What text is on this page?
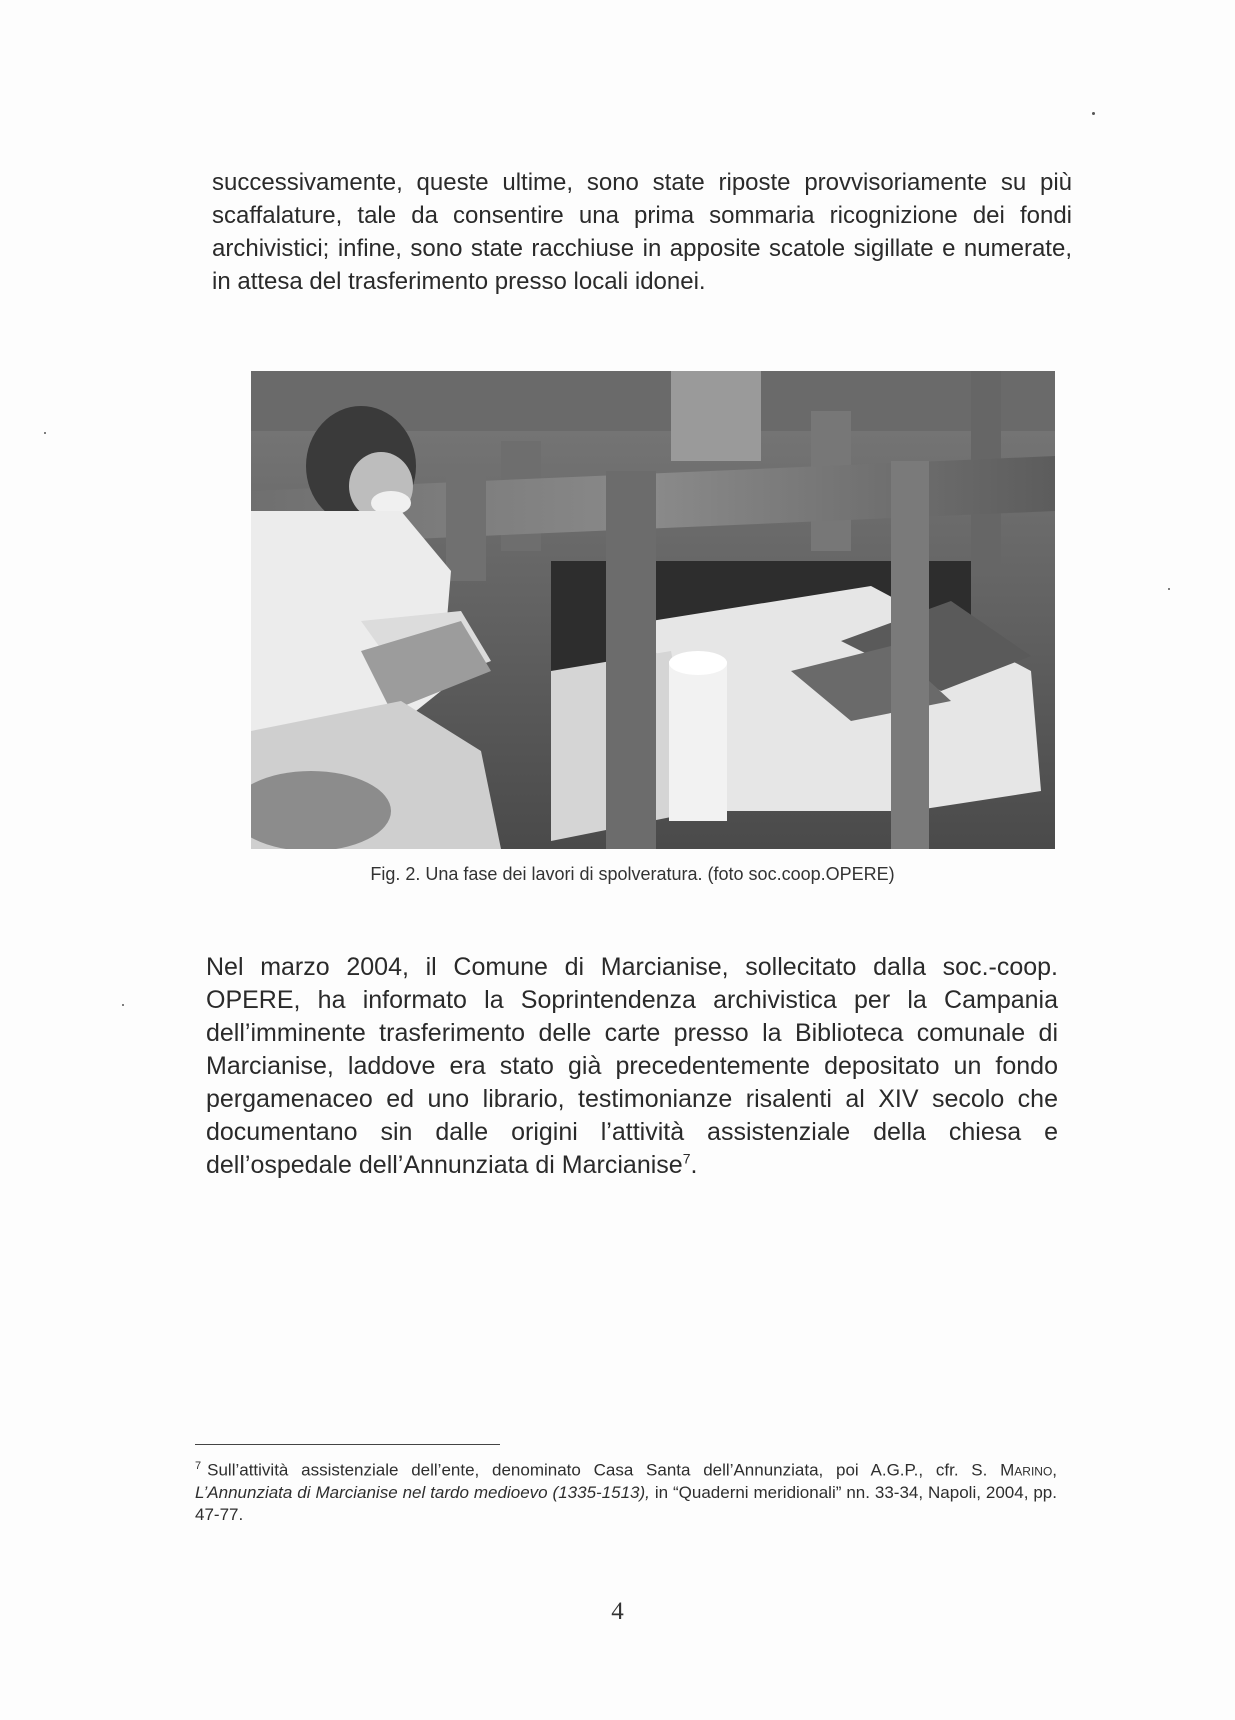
successivamente, queste ultime, sono state riposte provvisoriamente su più scaffalature, tale da consentire una prima sommaria ricognizione dei fondi archivistici; infine, sono state racchiuse in apposite scatole sigillate e numerate, in attesa del trasferimento presso locali idonei.

Fig. 2. Una fase dei lavori di spolveratura. (foto soc.coop.OPERE)

Nel marzo 2004, il Comune di Marcianise, sollecitato dalla soc.-coop. OPERE, ha informato la Soprintendenza archivistica per la Campania dell’imminente trasferimento delle carte presso la Biblioteca comunale di Marcianise, laddove era stato già precedentemente depositato un fondo pergamenaceo ed uno librario, testimonianze risalenti al XIV secolo che documentano sin dalle origini l’attività assistenziale della chiesa e dell’ospedale dell’Annunziata di Marcianise$^7$.

$^7$ Sull’attività assistenziale dell’ente, denominato Casa Santa dell’Annunziata, poi A.G.P., cfr. S. Marino, L’Annunziata di Marcianise nel tardo medioevo (1335-1513), in “Quaderni meridionali” nn. 33-34, Napoli, 2004, pp. 47-77.

4
